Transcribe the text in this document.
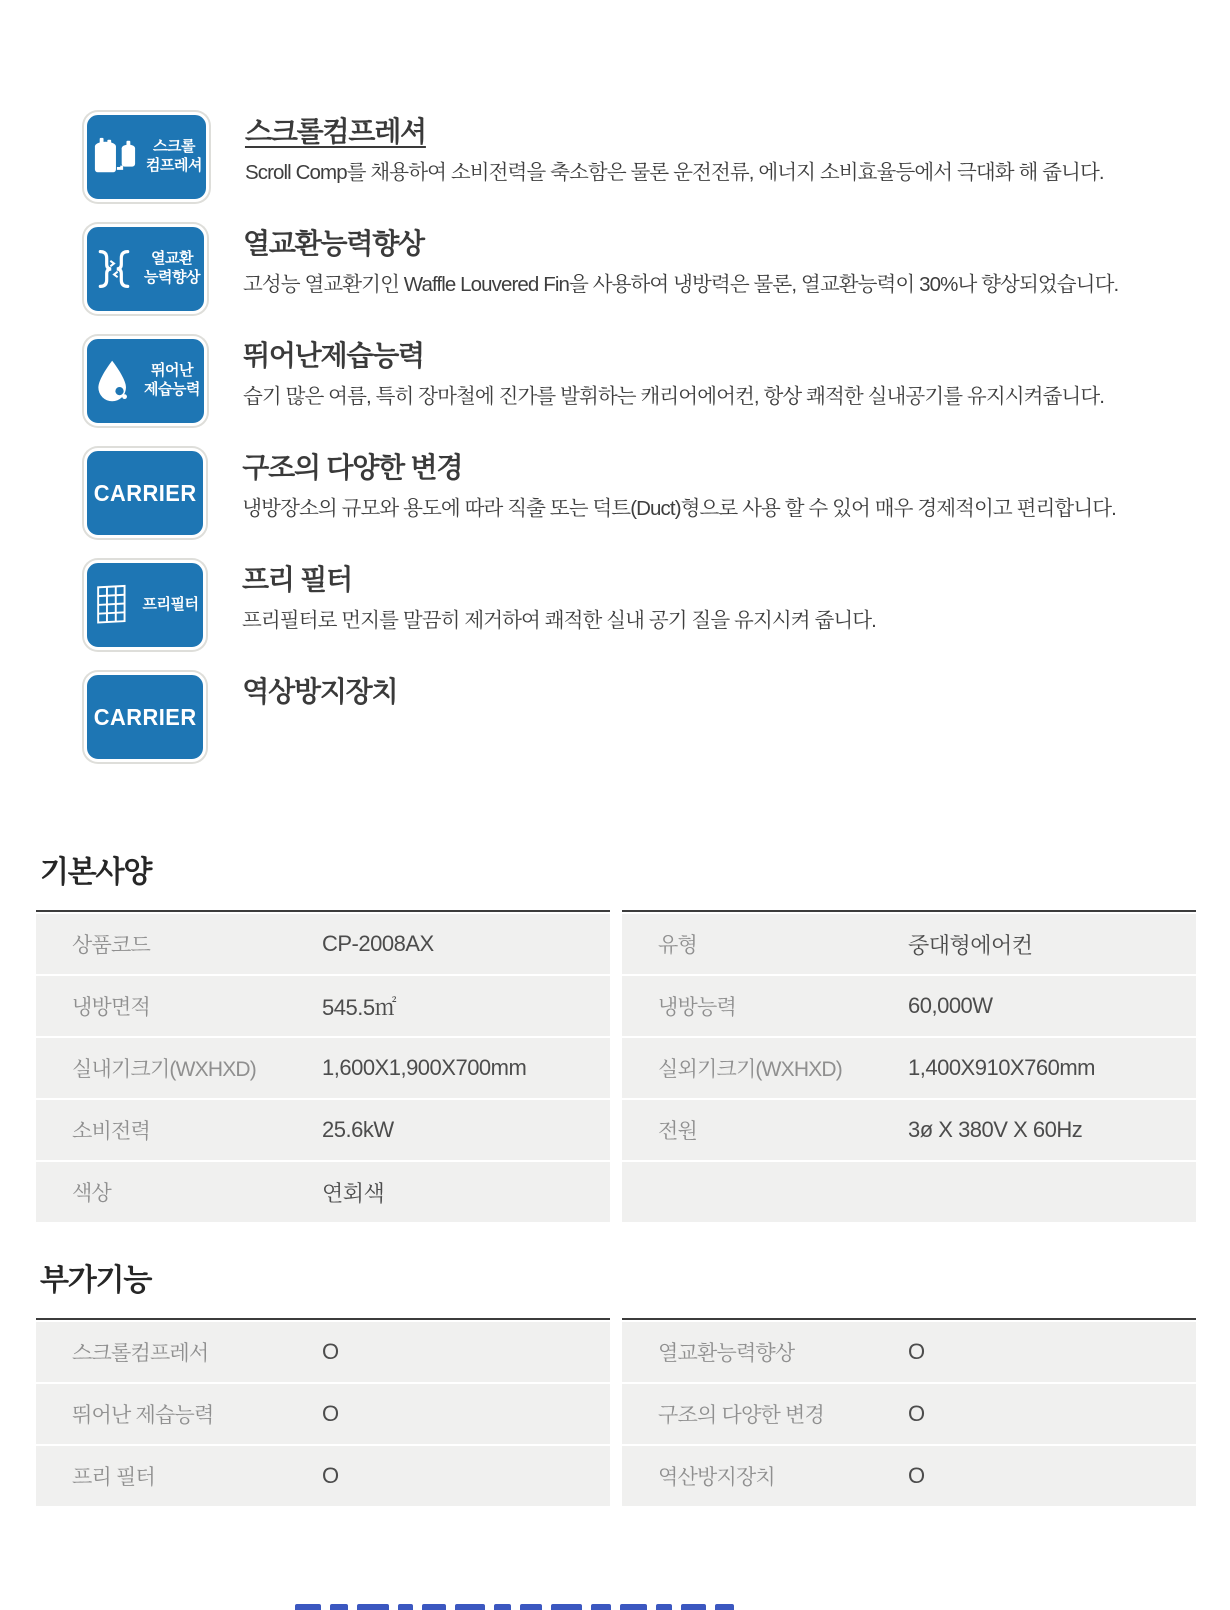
스크롤
컴프레셔
스크롤컴프레셔

Scroll Comp를 채용하여 소비전력을 축소함은 물론 운전전류, 에너지 소비효율등에서 극대화 해 줍니다.

열교환
능력향상
열교환능력향상

고성능 열교환기인 Waffle Louvered Fin을 사용하여 냉방력은 물론, 열교환능력이 30%나 향상되었습니다.

뛰어난
제습능력
뛰어난제습능력

습기 많은 여름, 특히 장마철에 진가를 발휘하는 캐리어에어컨, 항상 쾌적한 실내공기를 유지시켜줍니다.

CARRIER
구조의 다양한 변경

냉방장소의 규모와 용도에 따라 직출 또는 덕트(Duct)형으로 사용 할 수 있어 매우 경제적이고 편리합니다.

프리필터
프리 필터

프리필터로 먼지를 말끔히 제거하여 쾌적한 실내 공기 질을 유지시켜 줍니다.

CARRIER
역상방지장치

기본사양
상품코드	CP-2008AX
냉방면적	545.5㎡
실내기크기(WXHXD)	1,600X1,900X700mm
소비전력	25.6kW
색상	연회색
유형	중대형에어컨
냉방능력	60,000W
실외기크기(WXHXD)	1,400X910X760mm
전원	3ø X 380V X 60Hz
부가기능
스크롤컴프레서	O
뛰어난 제습능력	O
프리 필터	O
열교환능력향상	O
구조의 다양한 변경	O
역산방지장치	O
